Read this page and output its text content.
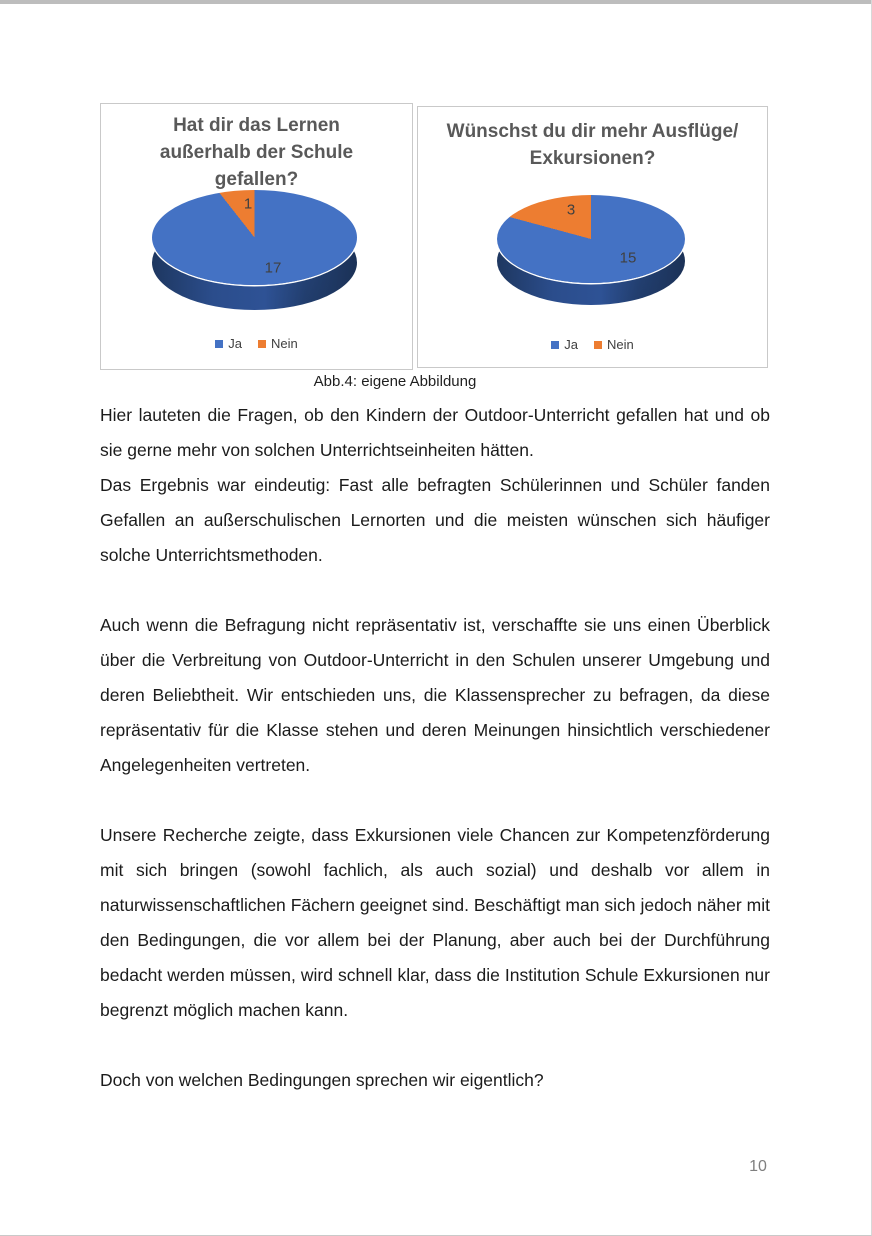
Hat dir das Lernen außerhalb der Schule gefallen?
1
17
Ja Nein
Wünschst du dir mehr Ausflüge/ Exkursionen?
3
15
Ja Nein
Abb.4: eigene Abbildung

Hier lauteten die Fragen, ob den Kindern der Outdoor-Unterricht gefallen hat und ob sie gerne mehr von solchen Unterrichtseinheiten hätten.

Das Ergebnis war eindeutig: Fast alle befragten Schülerinnen und Schüler fanden Gefallen an außerschulischen Lernorten und die meisten wünschen sich häufiger solche Unterrichtsmethoden.

Auch wenn die Befragung nicht repräsentativ ist, verschaffte sie uns einen Überblick über die Verbreitung von Outdoor-Unterricht in den Schulen unserer Umgebung und deren Beliebtheit. Wir entschieden uns, die Klassensprecher zu befragen, da diese repräsentativ für die Klasse stehen und deren Meinungen hinsichtlich verschiedener Angelegenheiten vertreten.

Unsere Recherche zeigte, dass Exkursionen viele Chancen zur Kompetenzförderung mit sich bringen (sowohl fachlich, als auch sozial) und deshalb vor allem in naturwissenschaftlichen Fächern geeignet sind. Beschäftigt man sich jedoch näher mit den Bedingungen, die vor allem bei der Planung, aber auch bei der Durchführung bedacht werden müssen, wird schnell klar, dass die Institution Schule Exkursionen nur begrenzt möglich machen kann.

Doch von welchen Bedingungen sprechen wir eigentlich?

10
